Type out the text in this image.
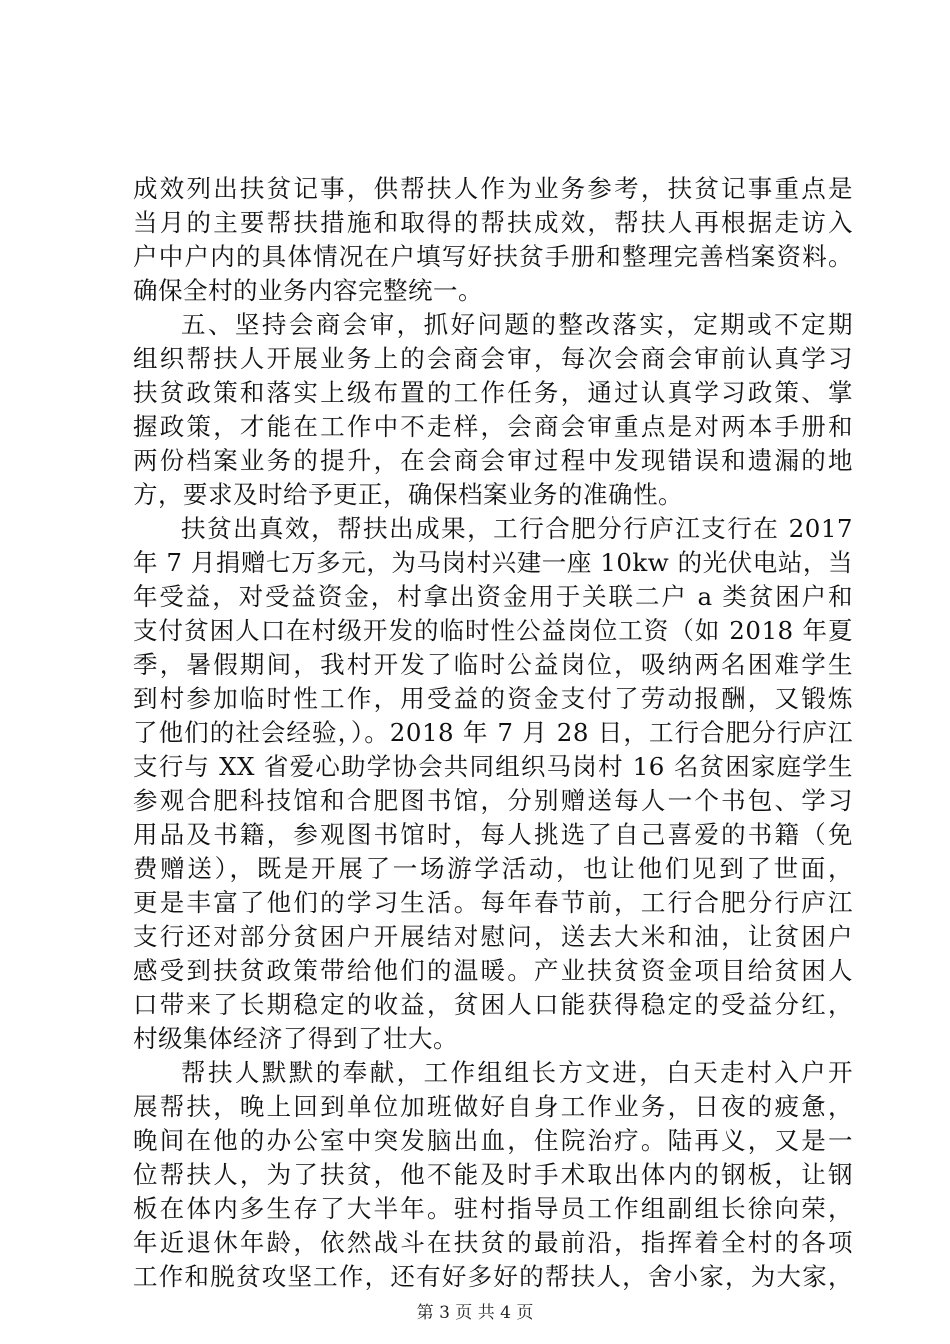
成效列出扶贫记事，供帮扶人作为业务参考，扶贫记事重点是
当月的主要帮扶措施和取得的帮扶成效，帮扶人再根据走访入
户中户内的具体情况在户填写好扶贫手册和整理完善档案资料。
确保全村的业务内容完整统一。
五、坚持会商会审，抓好问题的整改落实，定期或不定期
组织帮扶人开展业务上的会商会审，每次会商会审前认真学习
扶贫政策和落实上级布置的工作任务，通过认真学习政策、掌
握政策，才能在工作中不走样，会商会审重点是对两本手册和
两份档案业务的提升，在会商会审过程中发现错误和遗漏的地
方，要求及时给予更正，确保档案业务的准确性。
扶贫出真效，帮扶出成果，工行合肥分行庐江支行在 2017
年 7 月捐赠七万多元，为马岗村兴建一座 10kw 的光伏电站，当
年受益，对受益资金，村拿出资金用于关联二户 a 类贫困户和
支付贫困人口在村级开发的临时性公益岗位工资（如 2018 年夏
季，暑假期间，我村开发了临时公益岗位，吸纳两名困难学生
到村参加临时性工作，用受益的资金支付了劳动报酬，又锻炼
了他们的社会经验，）。2018 年 7 月 28 日，工行合肥分行庐江
支行与 XX 省爱心助学协会共同组织马岗村 16 名贫困家庭学生
参观合肥科技馆和合肥图书馆，分别赠送每人一个书包、学习
用品及书籍，参观图书馆时，每人挑选了自己喜爱的书籍（免
费赠送），既是开展了一场游学活动，也让他们见到了世面，
更是丰富了他们的学习生活。每年春节前，工行合肥分行庐江
支行还对部分贫困户开展结对慰问，送去大米和油，让贫困户
感受到扶贫政策带给他们的温暖。产业扶贫资金项目给贫困人
口带来了长期稳定的收益，贫困人口能获得稳定的受益分红，
村级集体经济了得到了壮大。
帮扶人默默的奉献，工作组组长方文进，白天走村入户开
展帮扶，晚上回到单位加班做好自身工作业务，日夜的疲惫，
晚间在他的办公室中突发脑出血，住院治疗。陆再义，又是一
位帮扶人，为了扶贫，他不能及时手术取出体内的钢板，让钢
板在体内多生存了大半年。驻村指导员工作组副组长徐向荣，
年近退休年龄，依然战斗在扶贫的最前沿，指挥着全村的各项
工作和脱贫攻坚工作，还有好多好的帮扶人，舍小家，为大家，
第 3 页 共 4 页
